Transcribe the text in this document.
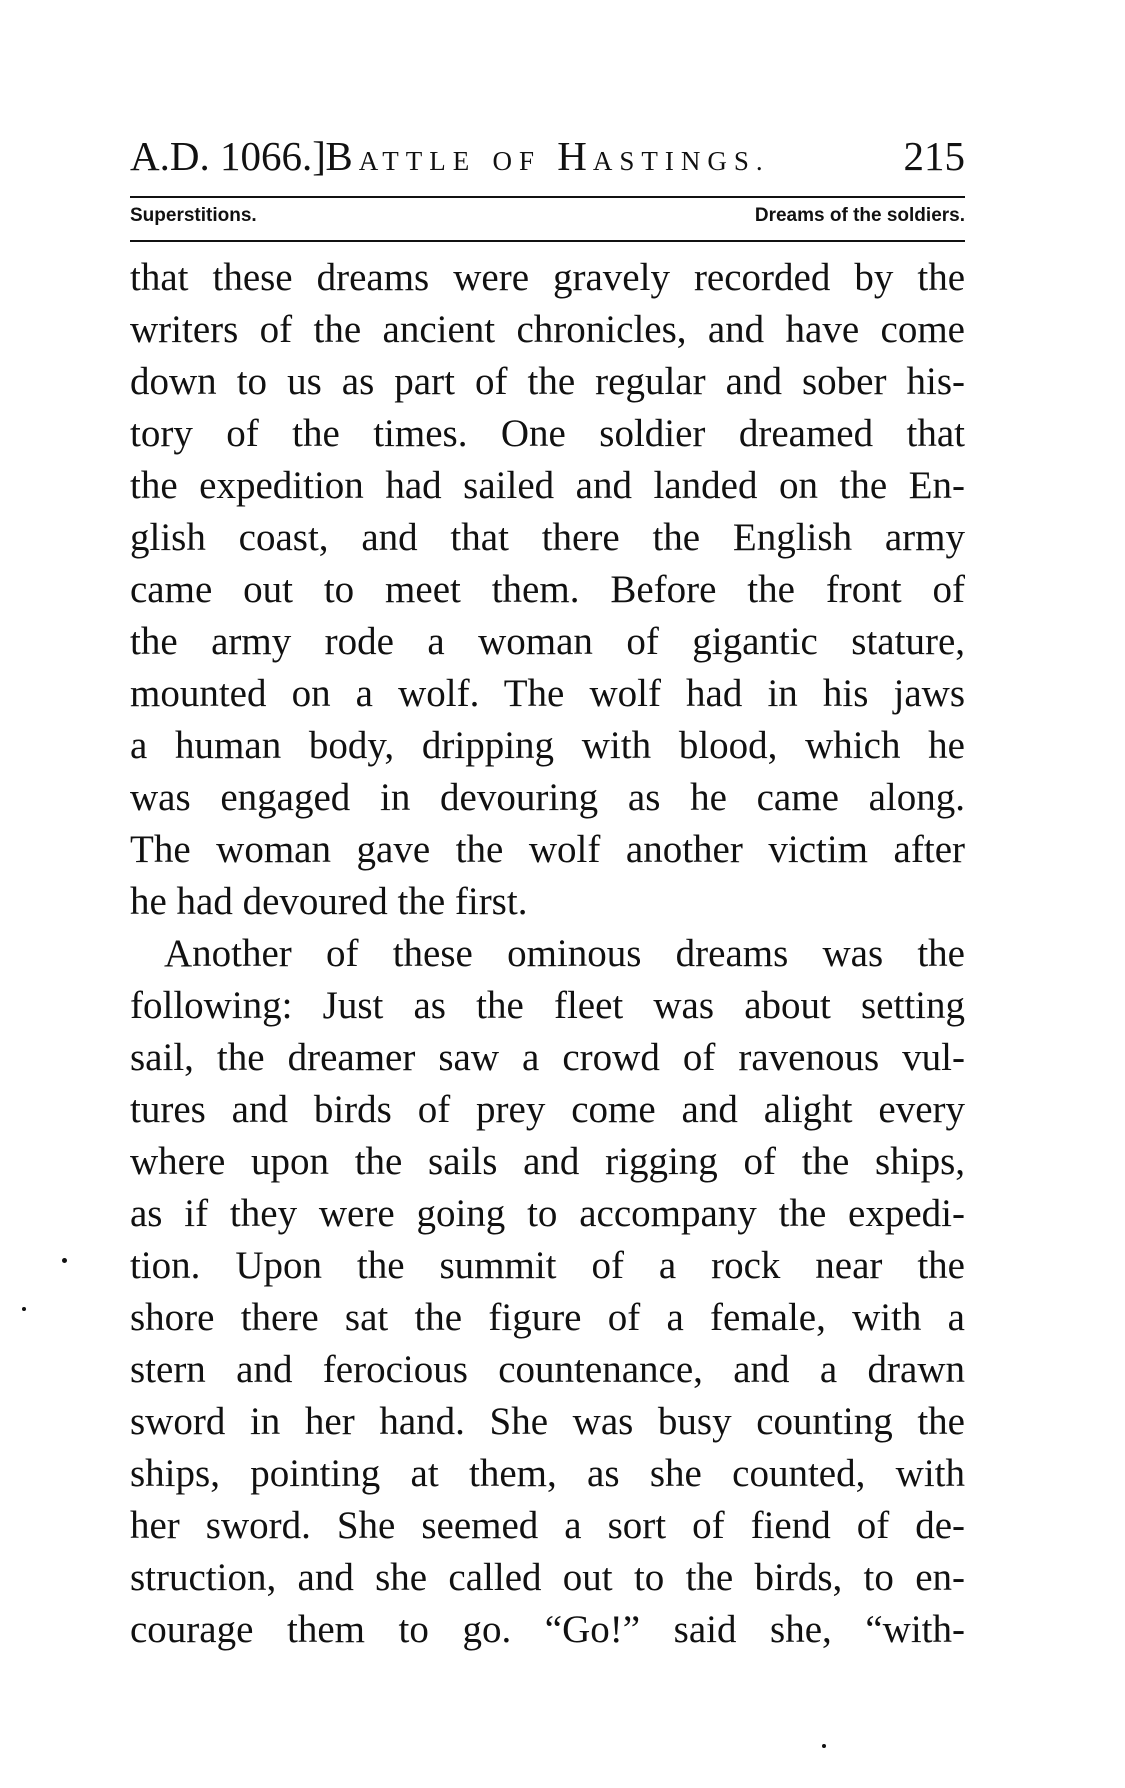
A.D. 1066.] BATTLE OF HASTINGS.	215
Superstitions.	Dreams of the soldiers.
that these dreams were gravely recorded by the
writers of the ancient chronicles, and have come
down to us as part of the regular and sober his-
tory of the times. One soldier dreamed that
the expedition had sailed and landed on the En-
glish coast, and that there the English army
came out to meet them. Before the front of
the army rode a woman of gigantic stature,
mounted on a wolf. The wolf had in his jaws
a human body, dripping with blood, which he
was engaged in devouring as he came along.
The woman gave the wolf another victim after
he had devoured the first.
Another of these ominous dreams was the
following: Just as the fleet was about setting
sail, the dreamer saw a crowd of ravenous vul-
tures and birds of prey come and alight every
where upon the sails and rigging of the ships,
as if they were going to accompany the expedi-
tion. Upon the summit of a rock near the
shore there sat the figure of a female, with a
stern and ferocious countenance, and a drawn
sword in her hand. She was busy counting the
ships, pointing at them, as she counted, with
her sword. She seemed a sort of fiend of de-
struction, and she called out to the birds, to en-
courage them to go. “Go!” said she, “with-
